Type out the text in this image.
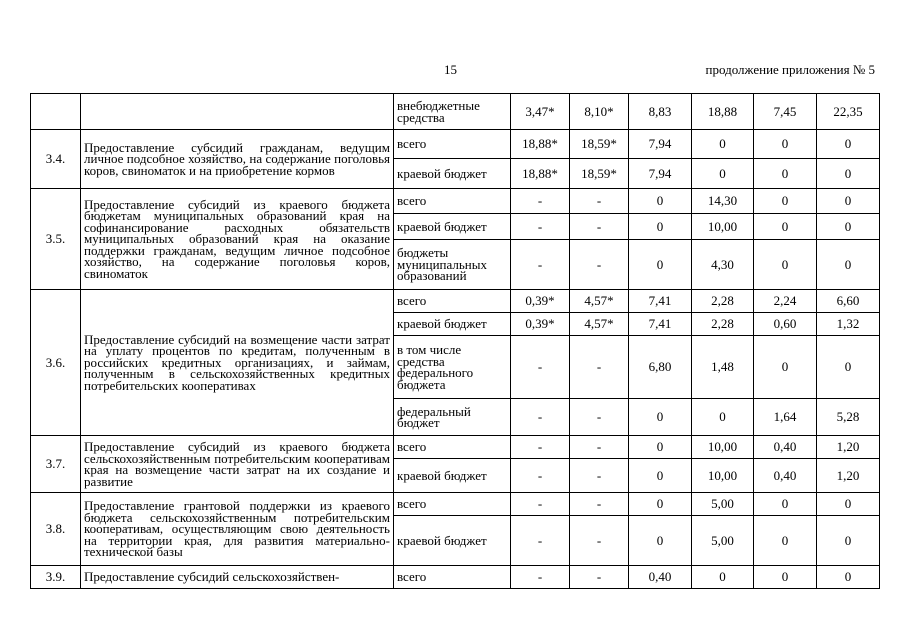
15	продолжение приложения № 5
		внебюджетные средства	3,47*	8,10*	8,83	18,88	7,45	22,35
3.4.	Предоставление субсидий гражданам, ведущим личное подсобное хозяйство, на содержание поголовья коров, свиноматок и на приобретение кормов	всего	18,88*	18,59*	7,94	0	0	0
		краевой бюджет	18,88*	18,59*	7,94	0	0	0
3.5.	Предоставление субсидий из краевого бюджета бюджетам муниципальных образований края на софинансирование расходных обязательств муниципальных образований края на оказание поддержки гражданам, ведущим личное подсобное хозяйство, на содержание поголовья коров, свиноматок	всего	-	-	0	14,30	0	0
		краевой бюджет	-	-	0	10,00	0	0
		бюджеты муниципальных образований	-	-	0	4,30	0	0
3.6.	Предоставление субсидий на возмещение части затрат на уплату процентов по кредитам, полученным в российских кредитных организациях, и займам, полученным в сельскохозяйственных кредитных потребительских кооперативах	всего	0,39*	4,57*	7,41	2,28	2,24	6,60
		краевой бюджет	0,39*	4,57*	7,41	2,28	0,60	1,32
		в том числе средства федерального бюджета	-	-	6,80	1,48	0	0
		федеральный бюджет	-	-	0	0	1,64	5,28
3.7.	Предоставление субсидий из краевого бюджета сельскохозяйственным потребительским кооперативам края на возмещение части затрат на их создание и развитие	всего	-	-	0	10,00	0,40	1,20
		краевой бюджет	-	-	0	10,00	0,40	1,20
3.8.	Предоставление грантовой поддержки из краевого бюджета сельскохозяйственным потребительским кооперативам, осуществляющим свою деятельность на территории края, для развития материально-технической базы	всего	-	-	0	5,00	0	0
		краевой бюджет	-	-	0	5,00	0	0
3.9.	Предоставление субсидий сельскохозяйствен-	всего	-	-	0,40	0	0	0
